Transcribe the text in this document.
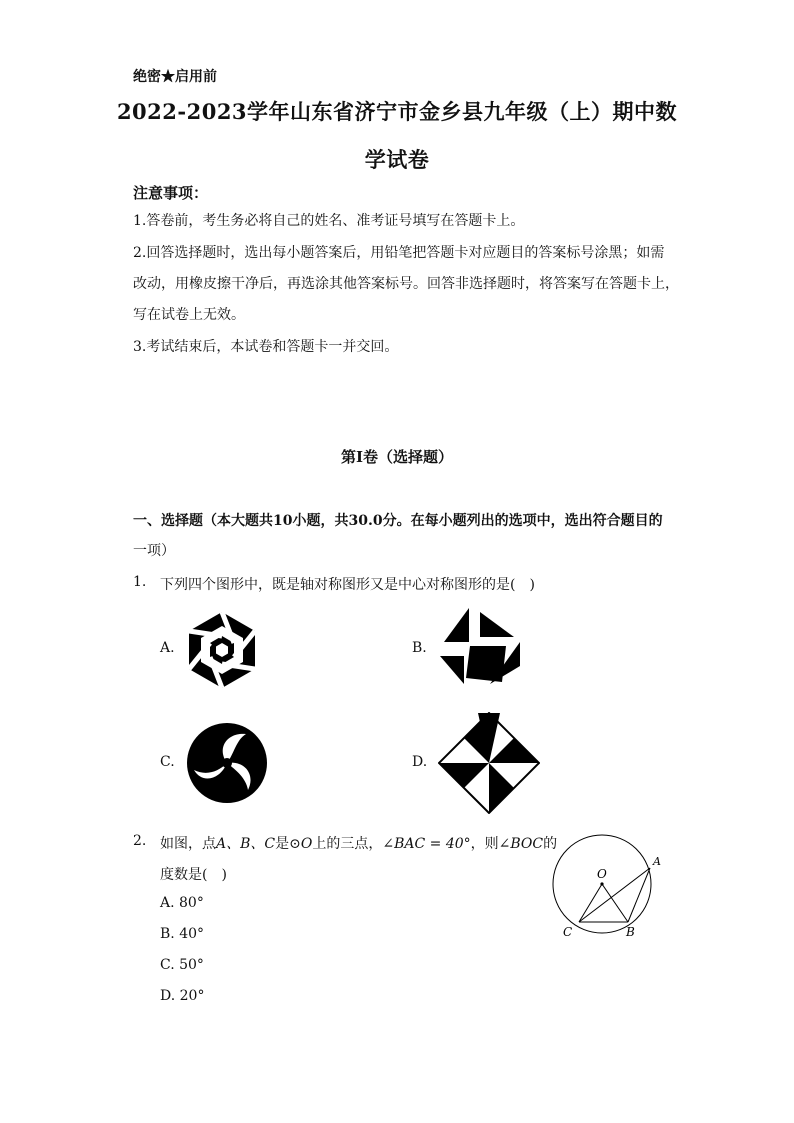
绝密★启用前
2022-2023学年山东省济宁市金乡县九年级（上）期中数
学试卷
注意事项：
1.答卷前，考生务必将自己的姓名、准考证号填写在答题卡上。
2.回答选择题时，选出每小题答案后，用铅笔把答题卡对应题目的答案标号涂黑；如需
改动，用橡皮擦干净后，再选涂其他答案标号。回答非选择题时，将答案写在答题卡上，
写在试卷上无效。
3.考试结束后，本试卷和答题卡一并交回。
第I卷（选择题）
一、选择题（本大题共10小题，共30.0分。在每小题列出的选项中，选出符合题目的
一项）
1. 下列四个图形中，既是轴对称图形又是中心对称图形的是(　)
A.	B.
C.	D.
2. 如图，点A、B、C是⊙O上的三点，∠BAC = 40°，则∠BOC的
度数是(　)
A. 80°
B. 40°
C. 50°
D. 20°
O
A
B
C
